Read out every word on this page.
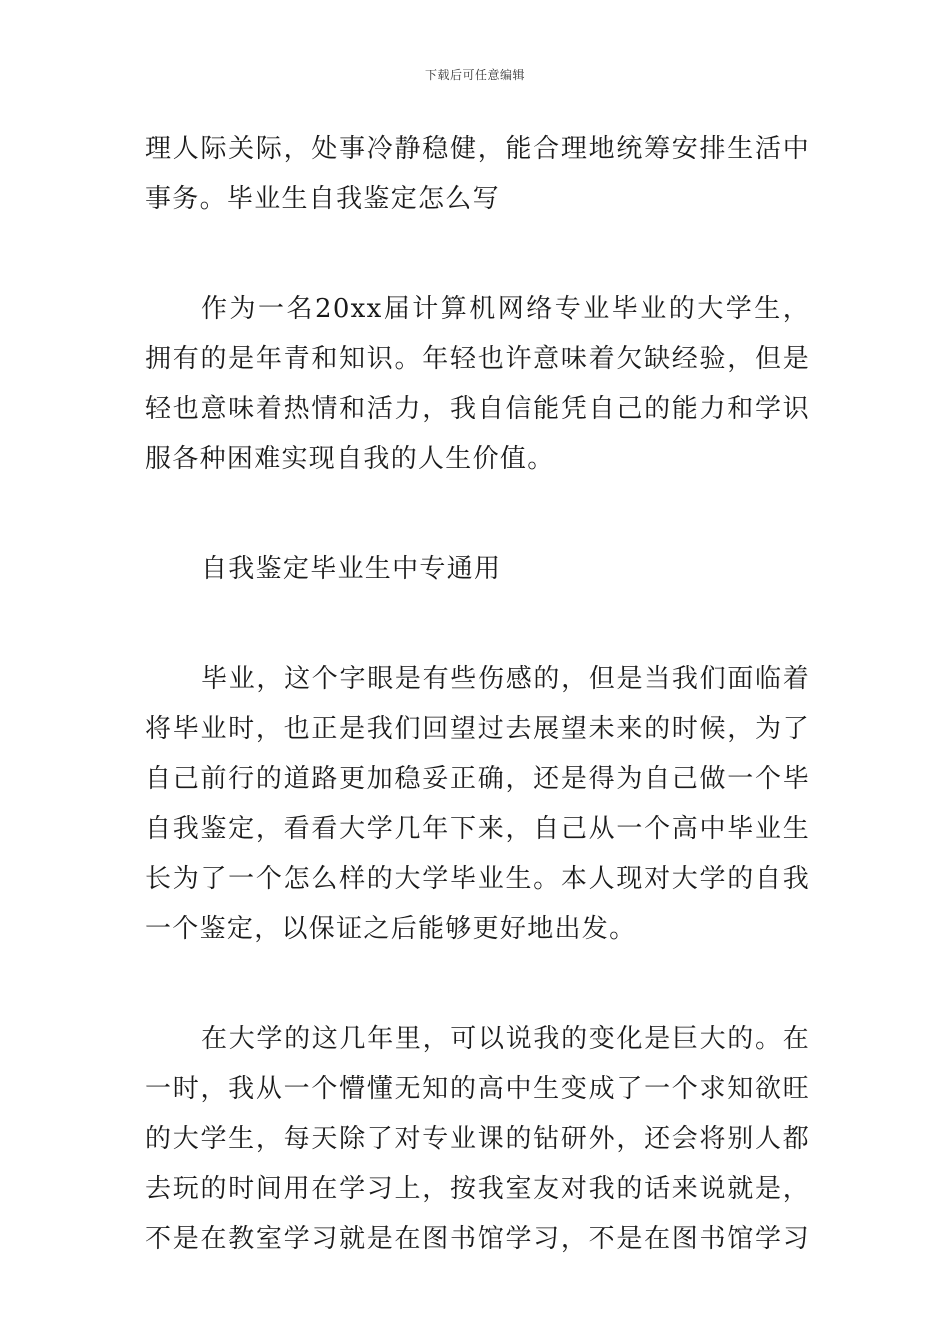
下载后可任意编辑
理人际关际，处事冷静稳健，能合理地统筹安排生活中
事务。毕业生自我鉴定怎么写
作为一名20xx届计算机网络专业毕业的大学生，
拥有的是年青和知识。年轻也许意味着欠缺经验，但是
轻也意味着热情和活力，我自信能凭自己的能力和学识
服各种困难实现自我的人生价值。
自我鉴定毕业生中专通用
毕业，这个字眼是有些伤感的，但是当我们面临着
将毕业时，也正是我们回望过去展望未来的时候，为了
自己前行的道路更加稳妥正确，还是得为自己做一个毕
自我鉴定，看看大学几年下来，自己从一个高中毕业生
长为了一个怎么样的大学毕业生。本人现对大学的自我
一个鉴定，以保证之后能够更好地出发。
在大学的这几年里，可以说我的变化是巨大的。在
一时，我从一个懵懂无知的高中生变成了一个求知欲旺
的大学生，每天除了对专业课的钻研外，还会将别人都
去玩的时间用在学习上，按我室友对我的话来说就是，
不是在教室学习就是在图书馆学习，不是在图书馆学习
